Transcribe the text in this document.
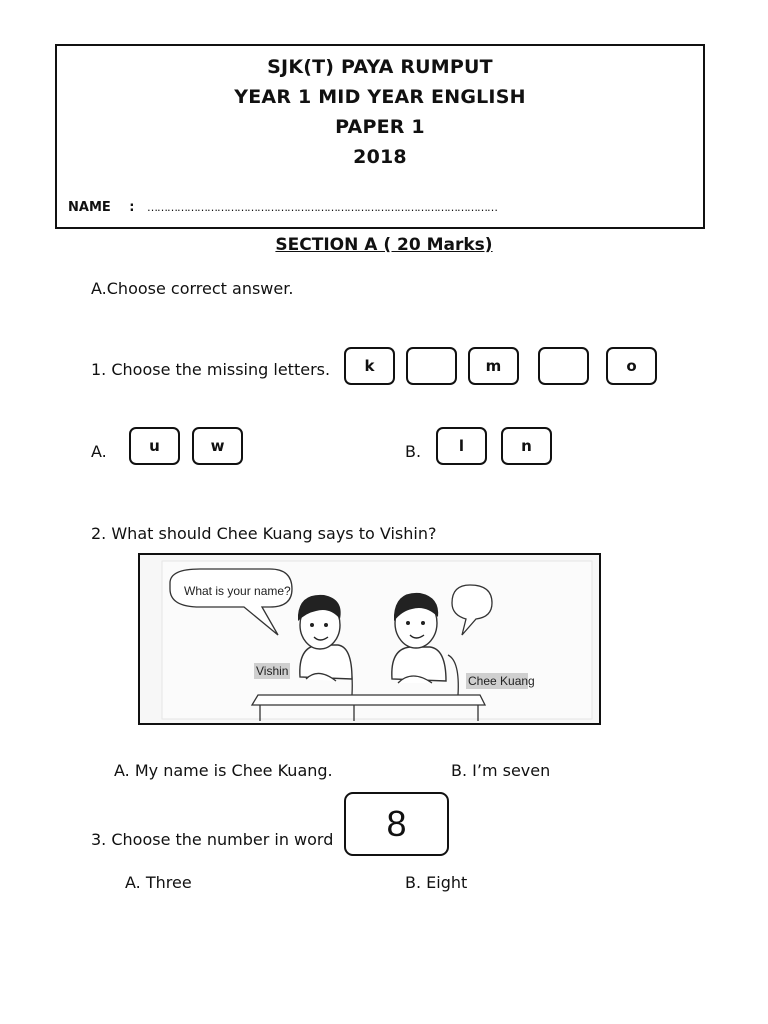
SJK(T) PAYA RUMPUT
YEAR 1 MID YEAR ENGLISH
PAPER 1
2018
NAME : ……………………………………………………………………………………………
SECTION A ( 20 Marks)
A.Choose correct answer.
1. Choose the missing letters.	k	m	o
A.	u	w	B.	l	n
2. What should Chee Kuang says to Vishin?
What is your name?
Vishin
Chee Kuang
A. My name is Chee Kuang.	B. I’m seven
3. Choose the number in word	8
A. Three	B. Eight
